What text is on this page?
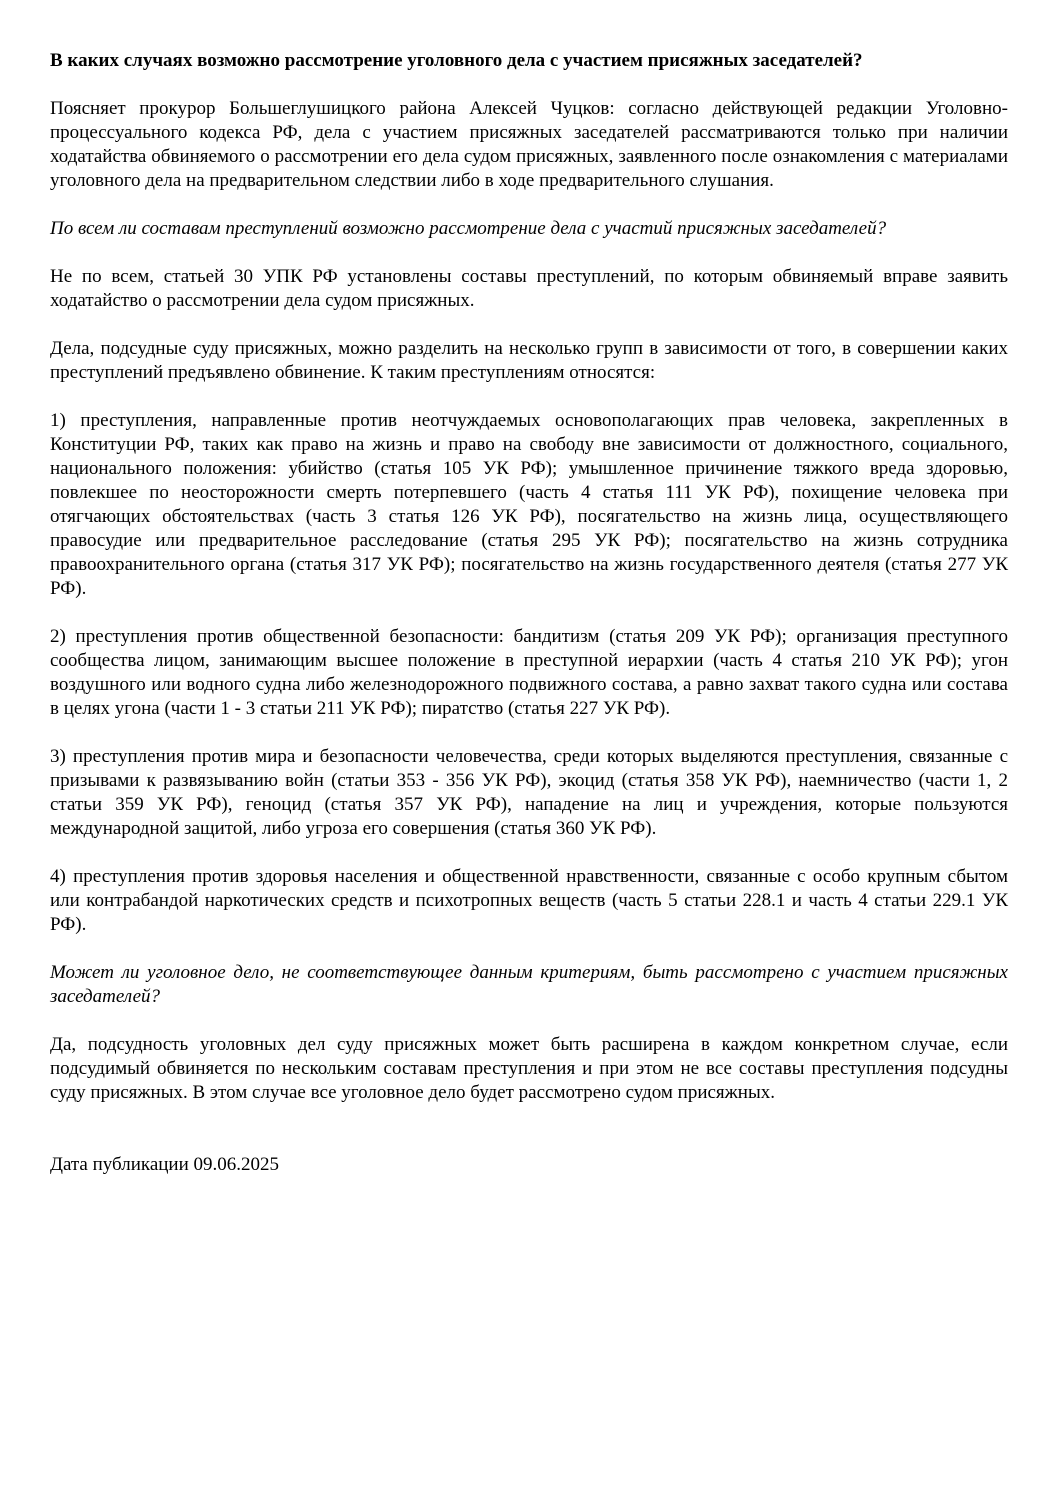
В каких случаях возможно рассмотрение уголовного дела с участием присяжных заседателей?

Поясняет прокурор Большеглушицкого района Алексей Чуцков: согласно действующей редакции Уголовно-процессуального кодекса РФ, дела с участием присяжных заседателей рассматриваются только при наличии ходатайства обвиняемого о рассмотрении его дела судом присяжных, заявленного после ознакомления с материалами уголовного дела на предварительном следствии либо в ходе предварительного слушания.

По всем ли составам преступлений возможно рассмотрение дела с участий присяжных заседателей?

Не по всем, статьей 30 УПК РФ установлены составы преступлений, по которым обвиняемый вправе заявить ходатайство о рассмотрении дела судом присяжных.

Дела, подсудные суду присяжных, можно разделить на несколько групп в зависимости от того, в совершении каких преступлений предъявлено обвинение. К таким преступлениям относятся:

1) преступления, направленные против неотчуждаемых основополагающих прав человека, закрепленных в Конституции РФ, таких как право на жизнь и право на свободу вне зависимости от должностного, социального, национального положения: убийство (статья 105 УК РФ); умышленное причинение тяжкого вреда здоровью, повлекшее по неосторожности смерть потерпевшего (часть 4 статья 111 УК РФ), похищение человека при отягчающих обстоятельствах (часть 3 статья 126 УК РФ), посягательство на жизнь лица, осуществляющего правосудие или предварительное расследование (статья 295 УК РФ); посягательство на жизнь сотрудника правоохранительного органа (статья 317 УК РФ); посягательство на жизнь государственного деятеля (статья 277 УК РФ).

2) преступления против общественной безопасности: бандитизм (статья 209 УК РФ); организация преступного сообщества лицом, занимающим высшее положение в преступной иерархии (часть 4 статья 210 УК РФ); угон воздушного или водного судна либо железнодорожного подвижного состава, а равно захват такого судна или состава в целях угона (части 1 - 3 статьи 211 УК РФ); пиратство (статья 227 УК РФ).

3) преступления против мира и безопасности человечества, среди которых выделяются преступления, связанные с призывами к развязыванию войн (статьи 353 - 356 УК РФ), экоцид (статья 358 УК РФ), наемничество (части 1, 2 статьи 359 УК РФ), геноцид (статья 357 УК РФ), нападение на лиц и учреждения, которые пользуются международной защитой, либо угроза его совершения (статья 360 УК РФ).

4) преступления против здоровья населения и общественной нравственности, связанные с особо крупным сбытом или контрабандой наркотических средств и психотропных веществ (часть 5 статьи 228.1 и часть 4 статьи 229.1 УК РФ).

Может ли уголовное дело, не соответствующее данным критериям, быть рассмотрено с участием присяжных заседателей?

Да, подсудность уголовных дел суду присяжных может быть расширена в каждом конкретном случае, если подсудимый обвиняется по нескольким составам преступления и при этом не все составы преступления подсудны суду присяжных. В этом случае все уголовное дело будет рассмотрено судом присяжных.

Дата публикации 09.06.2025
